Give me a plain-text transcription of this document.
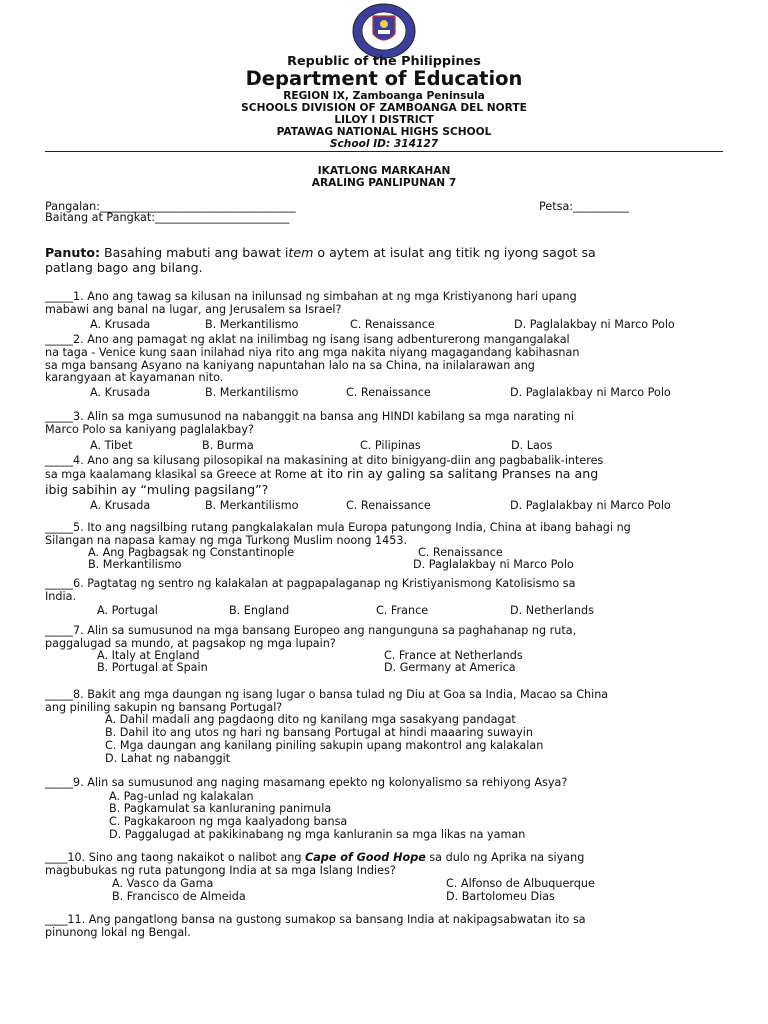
Republic of the Philippines
Department of Education
REGION IX, Zamboanga Peninsula
SCHOOLS DIVISION OF ZAMBOANGA DEL NORTE
LILOY I DISTRICT
PATAWAG NATIONAL HIGHS SCHOOL
School ID: 314127
IKATLONG MARKAHAN
ARALING PANLIPUNAN 7
Pangalan:___________________________________	Petsa:__________
Baitang at Pangkat:________________________
Panuto: Basahing mabuti ang bawat item o aytem at isulat ang titik ng iyong sagot sa
patlang bago ang bilang.
_____1. Ano ang tawag sa kilusan na inilunsad ng simbahan at ng mga Kristiyanong hari upang
mabawi ang banal na lugar, ang Jerusalem sa Israel?
A. Krusada	B. Merkantilismo	C. Renaissance	D. Paglalakbay ni Marco Polo
_____2. Ano ang pamagat ng aklat na inilimbag ng isang isang adbenturerong mangangalakal
na taga - Venice kung saan inilahad niya rito ang mga nakita niyang magagandang kabihasnan
sa mga bansang Asyano na kaniyang napuntahan lalo na sa China, na inilalarawan ang
karangyaan at kayamanan nito.
A. Krusada	B. Merkantilismo	C. Renaissance	D. Paglalakbay ni Marco Polo
_____3. Alin sa mga sumusunod na nabanggit na bansa ang HINDI kabilang sa mga narating ni
Marco Polo sa kaniyang paglalakbay?
A. Tibet	B. Burma	C. Pilipinas	D. Laos
_____4. Ano ang sa kilusang pilosopikal na makasining at dito binigyang-diin ang pagbabalik-interes
sa mga kaalamang klasikal sa Greece at Rome at ito rin ay galing sa salitang Pranses na ang
ibig sabihin ay “muling pagsilang”?
A. Krusada	B. Merkantilismo	C. Renaissance	D. Paglalakbay ni Marco Polo
_____5. Ito ang nagsilbing rutang pangkalakalan mula Europa patungong India, China at ibang bahagi ng
Silangan na napasa kamay ng mga Turkong Muslim noong 1453.
A. Ang Pagbagsak ng Constantinople
B. Merkantilismo
C. Renaissance
D. Paglalakbay ni Marco Polo
_____6. Pagtatag ng sentro ng kalakalan at pagpapalaganap ng Kristiyanismong Katolisismo sa
India.
A. Portugal	B. England	C. France	D. Netherlands
_____7. Alin sa sumusunod na mga bansang Europeo ang nangunguna sa paghahanap ng ruta,
paggalugad sa mundo, at pagsakop ng mga lupain?
A. Italy at England
B. Portugal at Spain
C. France at Netherlands
D. Germany at America
_____8. Bakit ang mga daungan ng isang lugar o bansa tulad ng Diu at Goa sa India, Macao sa China
ang piniling sakupin ng bansang Portugal?
A. Dahil madali ang pagdaong dito ng kanilang mga sasakyang pandagat
B. Dahil ito ang utos ng hari ng bansang Portugal at hindi maaaring suwayin
C. Mga daungan ang kanilang piniling sakupin upang makontrol ang kalakalan
D. Lahat ng nabanggit
_____9. Alin sa sumusunod ang naging masamang epekto ng kolonyalismo sa rehiyong Asya?
A. Pag-unlad ng kalakalan
B. Pagkamulat sa kanluraning panimula
C. Pagkakaroon ng mga kaalyadong bansa
D. Paggalugad at pakikinabang ng mga kanluranin sa mga likas na yaman
____10. Sino ang taong nakaikot o nalibot ang Cape of Good Hope sa dulo ng Aprika na siyang
magbubukas ng ruta patungong India at sa mga Islang Indies?
A. Vasco da Gama
B. Francisco de Almeida
C. Alfonso de Albuquerque
D. Bartolomeu Dias
____11. Ang pangatlong bansa na gustong sumakop sa bansang India at nakipagsabwatan ito sa
pinunong lokal ng Bengal.
